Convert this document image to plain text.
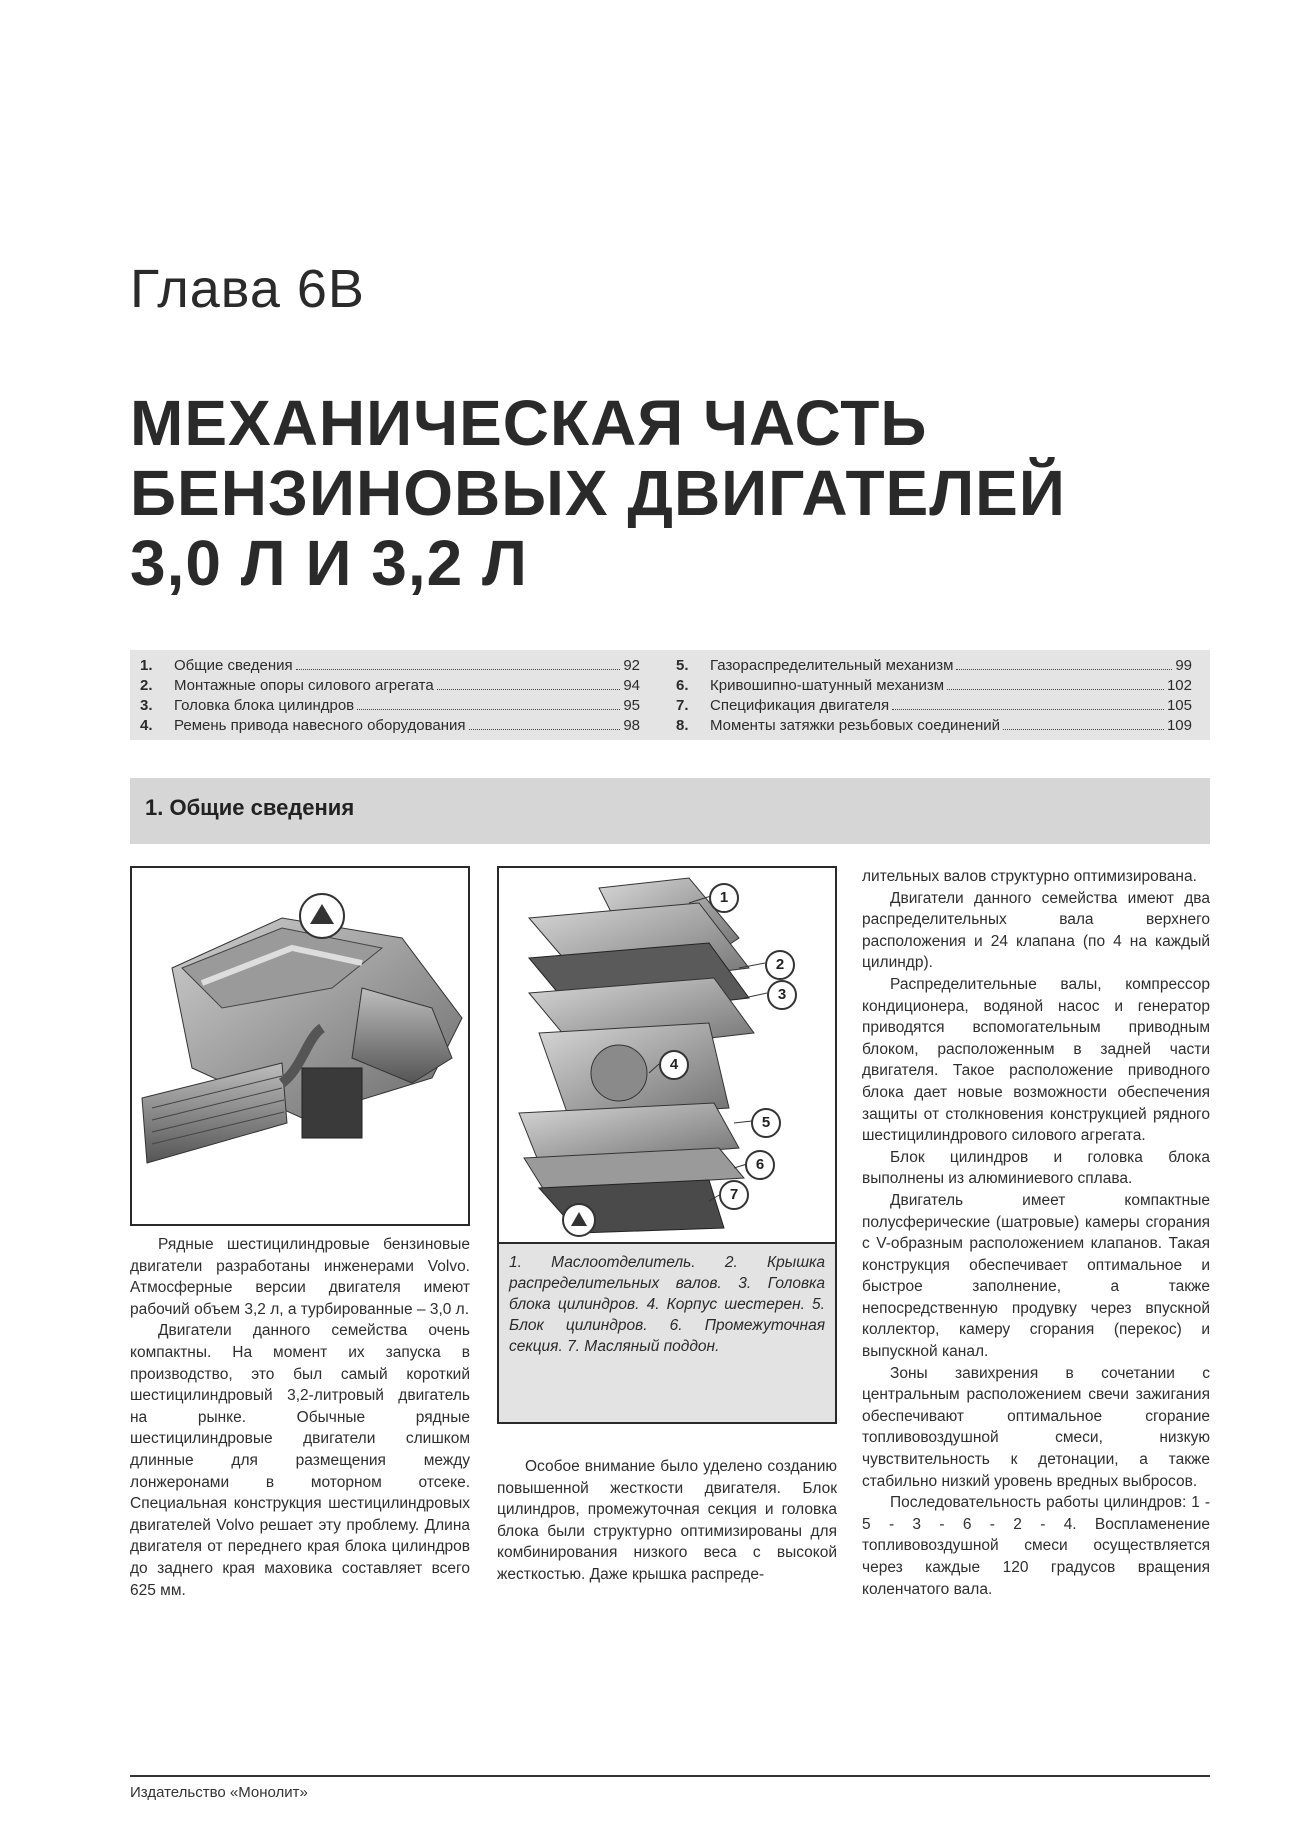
Глава 6В
МЕХАНИЧЕСКАЯ ЧАСТЬ
БЕНЗИНОВЫХ ДВИГАТЕЛЕЙ
3,0 Л И 3,2 Л
1.	Общие сведения	92
2.	Монтажные опоры силового агрегата	94
3.	Головка блока цилиндров	95
4.	Ремень привода навесного оборудования	98
5.	Газораспределительный механизм	99
6.	Кривошипно-шатунный механизм	102
7.	Спецификация двигателя	105
8.	Моменты затяжки резьбовых соединений	109
1. Общие сведения
1
2
3
4
5
6
7
1. Маслоотделитель. 2. Крышка распределительных валов. 3. Головка блока цилиндров. 4. Корпус шестерен. 5. Блок цилиндров. 6. Промежуточная секция. 7. Масляный поддон.

Рядные шестицилиндровые бензиновые двигатели разработаны инженерами Volvo. Атмосферные версии двигателя имеют рабочий объем 3,2 л, а турбированные – 3,0 л.

Двигатели данного семейства очень компактны. На момент их запуска в производство, это был самый короткий шестицилиндровый 3,2-литровый двигатель на рынке. Обычные рядные шестицилиндровые двигатели слишком длинные для размещения между лонжеронами в моторном отсеке. Специальная конструкция шестицилиндровых двигателей Volvo решает эту проблему. Длина двигателя от переднего края блока цилиндров до заднего края маховика составляет всего 625 мм.

Особое внимание было уделено созданию повышенной жесткости двигателя. Блок цилиндров, промежуточная секция и головка блока были структурно оптимизированы для комбинирования низкого веса с высокой жесткостью. Даже крышка распреде-

лительных валов структурно оптимизирована.

Двигатели данного семейства имеют два распределительных вала верхнего расположения и 24 клапана (по 4 на каждый цилиндр).

Распределительные валы, компрессор кондиционера, водяной насос и генератор приводятся вспомогательным приводным блоком, расположенным в задней части двигателя. Такое расположение приводного блока дает новые возможности обеспечения защиты от столкновения конструкцией рядного шестицилиндрового силового агрегата.

Блок цилиндров и головка блока выполнены из алюминиевого сплава.

Двигатель имеет компактные полусферические (шатровые) камеры сгорания с V-образным расположением клапанов. Такая конструкция обеспечивает оптимальное и быстрое заполнение, а также непосредственную продувку через впускной коллектор, камеру сгорания (перекос) и выпускной канал.

Зоны завихрения в сочетании с центральным расположением свечи зажигания обеспечивают оптимальное сгорание топливовоздушной смеси, низкую чувствительность к детонации, а также стабильно низкий уровень вредных выбросов.

Последовательность работы цилиндров: 1 - 5 - 3 - 6 - 2 - 4. Воспламенение топливовоздушной смеси осуществляется через каждые 120 градусов вращения коленчатого вала.

Издательство «Монолит»
